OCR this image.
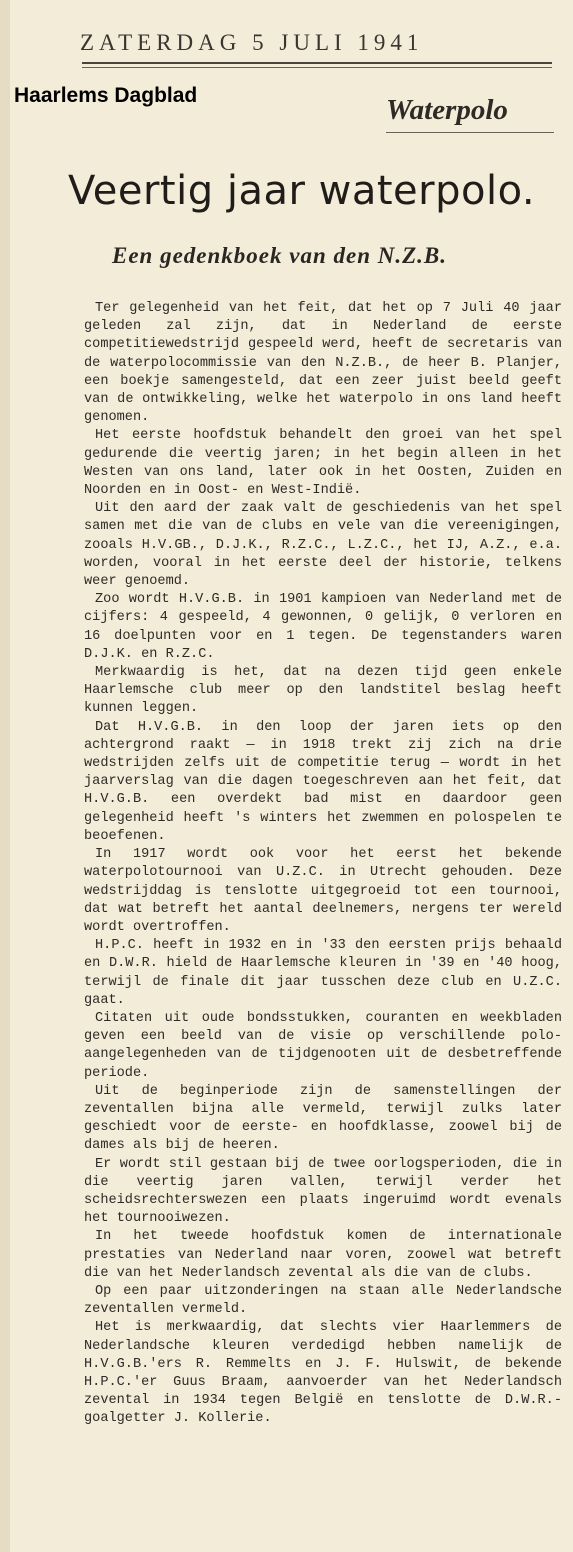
ZATERDAG 5 JULI 1941
Haarlems Dagblad	Waterpolo
Veertig jaar waterpolo.
Een gedenkboek van den N.Z.B.

Ter gelegenheid van het feit, dat het op 7 Juli 40 jaar geleden zal zijn, dat in Nederland de eerste competitiewedstrijd gespeeld werd, heeft de secretaris van de waterpolocommissie van den N.Z.B., de heer B. Planjer, een boekje samengesteld, dat een zeer juist beeld geeft van de ontwikkeling, welke het waterpolo in ons land heeft genomen.

Het eerste hoofdstuk behandelt den groei van het spel gedurende die veertig jaren; in het begin alleen in het Westen van ons land, later ook in het Oosten, Zuiden en Noorden en in Oost- en West-Indië.

Uit den aard der zaak valt de geschiedenis van het spel samen met die van de clubs en vele van die vereenigingen, zooals H.V.GB., D.J.K., R.Z.C., L.Z.C., het IJ, A.Z., e.a. worden, vooral in het eerste deel der historie, telkens weer genoemd.

Zoo wordt H.V.G.B. in 1901 kampioen van Nederland met de cijfers: 4 gespeeld, 4 gewonnen, 0 gelijk, 0 verloren en 16 doelpunten voor en 1 tegen. De tegenstanders waren D.J.K. en R.Z.C.

Merkwaardig is het, dat na dezen tijd geen enkele Haarlemsche club meer op den landstitel beslag heeft kunnen leggen.

Dat H.V.G.B. in den loop der jaren iets op den achtergrond raakt — in 1918 trekt zij zich na drie wedstrijden zelfs uit de competitie terug — wordt in het jaarverslag van die dagen toegeschreven aan het feit, dat H.V.G.B. een overdekt bad mist en daardoor geen gelegenheid heeft 's winters het zwemmen en polospelen te beoefenen.

In 1917 wordt ook voor het eerst het bekende waterpolotournooi van U.Z.C. in Utrecht gehouden. Deze wedstrijddag is tenslotte uitgegroeid tot een tournooi, dat wat betreft het aantal deelnemers, nergens ter wereld wordt overtroffen.

H.P.C. heeft in 1932 en in '33 den eersten prijs behaald en D.W.R. hield de Haarlemsche kleuren in '39 en '40 hoog, terwijl de finale dit jaar tusschen deze club en U.Z.C. gaat.

Citaten uit oude bondsstukken, couranten en weekbladen geven een beeld van de visie op verschillende polo-aangelegenheden van de tijdgenooten uit de desbetreffende periode.

Uit de beginperiode zijn de samenstellingen der zeventallen bijna alle vermeld, terwijl zulks later geschiedt voor de eerste- en hoofdklasse, zoowel bij de dames als bij de heeren.

Er wordt stil gestaan bij de twee oorlogsperioden, die in die veertig jaren vallen, terwijl verder het scheidsrechterswezen een plaats ingeruimd wordt evenals het tournooiwezen.

In het tweede hoofdstuk komen de internationale prestaties van Nederland naar voren, zoowel wat betreft die van het Nederlandsch zevental als die van de clubs.

Op een paar uitzonderingen na staan alle Nederlandsche zeventallen vermeld.

Het is merkwaardig, dat slechts vier Haarlemmers de Nederlandsche kleuren verdedigd hebben namelijk de H.V.G.B.'ers R. Remmelts en J. F. Hulswit, de bekende H.P.C.'er Guus Braam, aanvoerder van het Nederlandsch zevental in 1934 tegen België en tenslotte de D.W.R.-goalgetter J. Kollerie.
